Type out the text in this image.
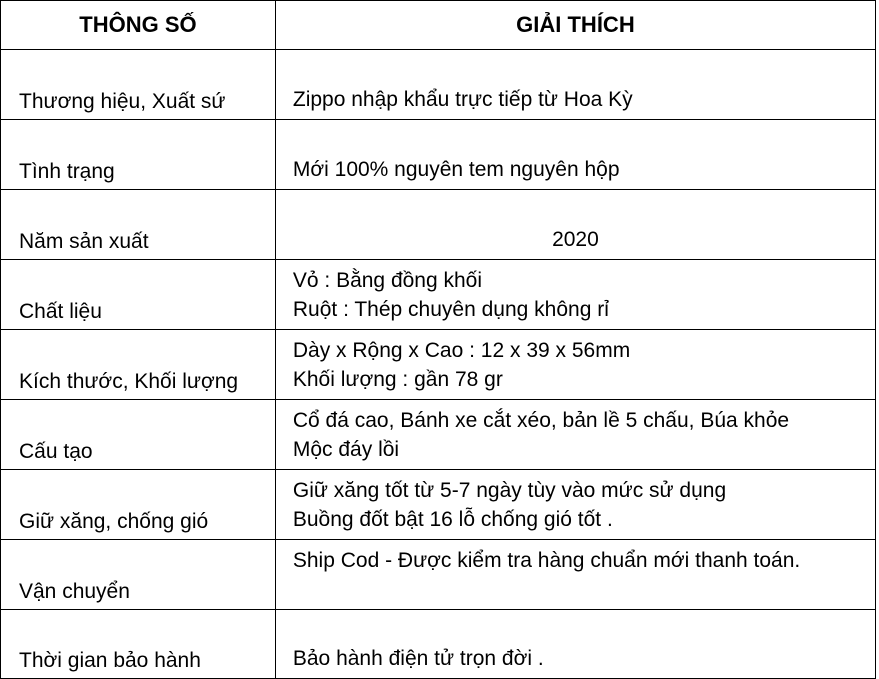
THÔNG SỐ	GIẢI THÍCH
Thương hiệu, Xuất sứ	Zippo nhập khẩu trực tiếp từ Hoa Kỳ

Tình trạng	Mới 100% nguyên tem nguyên hộp

Năm sản xuất	2020

Chất liệu	Vỏ : Bằng đồng khối
Ruột : Thép chuyên dụng không rỉ

Kích thước, Khối lượng	Dày x Rộng x Cao : 12 x 39 x 56mm
Khối lượng : gần 78 gr

Cấu tạo	Cổ đá cao, Bánh xe cắt xéo, bản lề 5 chấu, Búa khỏe
Mộc đáy lồi

Giữ xăng, chống gió	Giữ xăng tốt từ 5-7 ngày tùy vào mức sử dụng
Buồng đốt bật 16 lỗ chống gió tốt .

Vận chuyển	Ship Cod - Được kiểm tra hàng chuẩn mới thanh toán.

Thời gian bảo hành	Bảo hành điện tử trọn đời .
